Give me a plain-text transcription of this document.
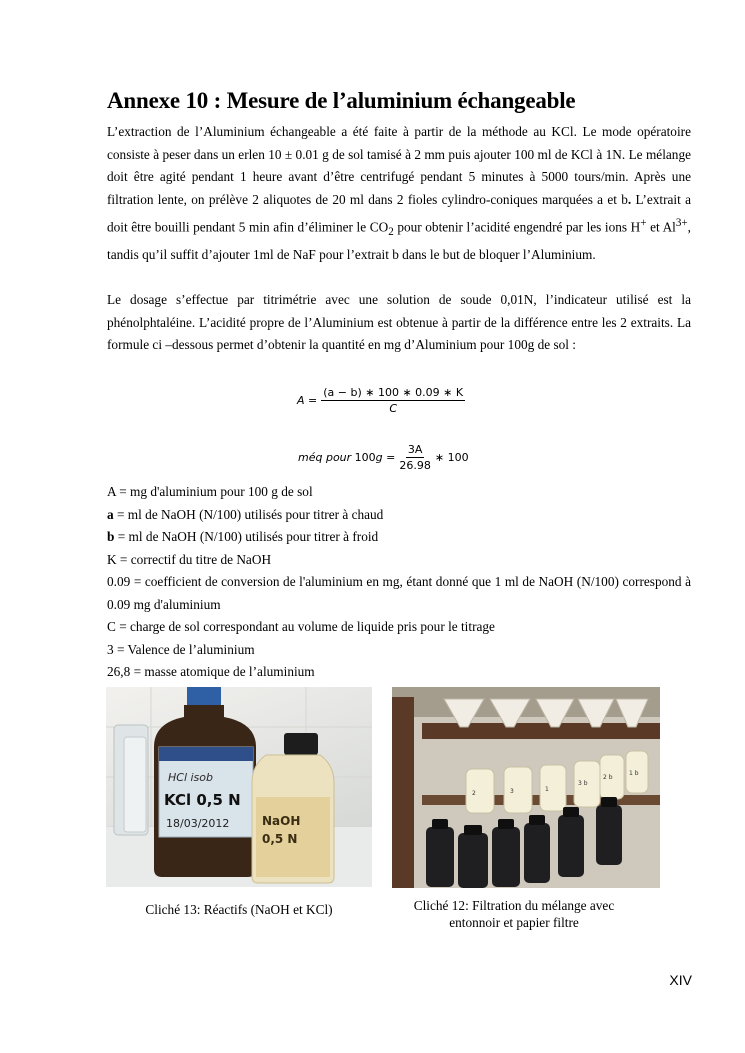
Annexe 10 : Mesure de l’aluminium échangeable

L’extraction de l’Aluminium échangeable a été faite à partir de la méthode au KCl. Le mode opératoire consiste à peser dans un erlen 10 ± 0.01 g de sol tamisé à 2 mm puis ajouter 100 ml de KCl à 1N. Le mélange doit être agité pendant 1 heure avant d’être centrifugé pendant 5 minutes à 5000 tours/min. Après une filtration lente, on prélève 2 aliquotes de 20 ml dans 2 fioles cylindro-coniques marquées a et b. L’extrait a doit être bouilli pendant 5 min afin d’éliminer le $CO_2$ pour obtenir l’acidité engendré par les ions H+ et $Al^{3+}$, tandis qu’il suffit d’ajouter 1ml de NaF pour l’extrait b dans le but de bloquer l’Aluminium.

Le dosage s’effectue par titrimétrie avec une solution de soude 0,01N, l’indicateur utilisé est la phénolphtaléine. L’acidité propre de l’Aluminium est obtenue à partir de la différence entre les 2 extraits. La formule ci –dessous permet d’obtenir la quantité en mg d’Aluminium pour 100g de sol :

$A = \frac{(a - b) ∗ 100 ∗ 0.09 ∗ K}{C}$
méq pour
100 g
= $\frac{3A}{26.98}$ ∗ 100
A = mg d'aluminium pour 100 g de sol
a = ml de NaOH (N/100) utilisés pour titrer à chaud
b = ml de NaOH (N/100) utilisés pour titrer à froid
K = correctif du titre de NaOH
0.09 = coefficient de conversion de l'aluminium en mg, étant donné que 1 ml de NaOH (N/100) correspond à 0.09 mg d'aluminium
C = charge de sol correspondant au volume de liquide pris pour le titrage
3 = Valence de l’aluminium
26,8 = masse atomique de l’aluminium
HCl isob
KCl 0,5 N
18/03/2012	NaOH
0,5 N
2	3	1
3 b
2 b
1 b

Cliché 13: Réactifs (NaOH et KCl)	Cliché 12: Filtration du mélange avec entonnoir et papier filtre

XIV
